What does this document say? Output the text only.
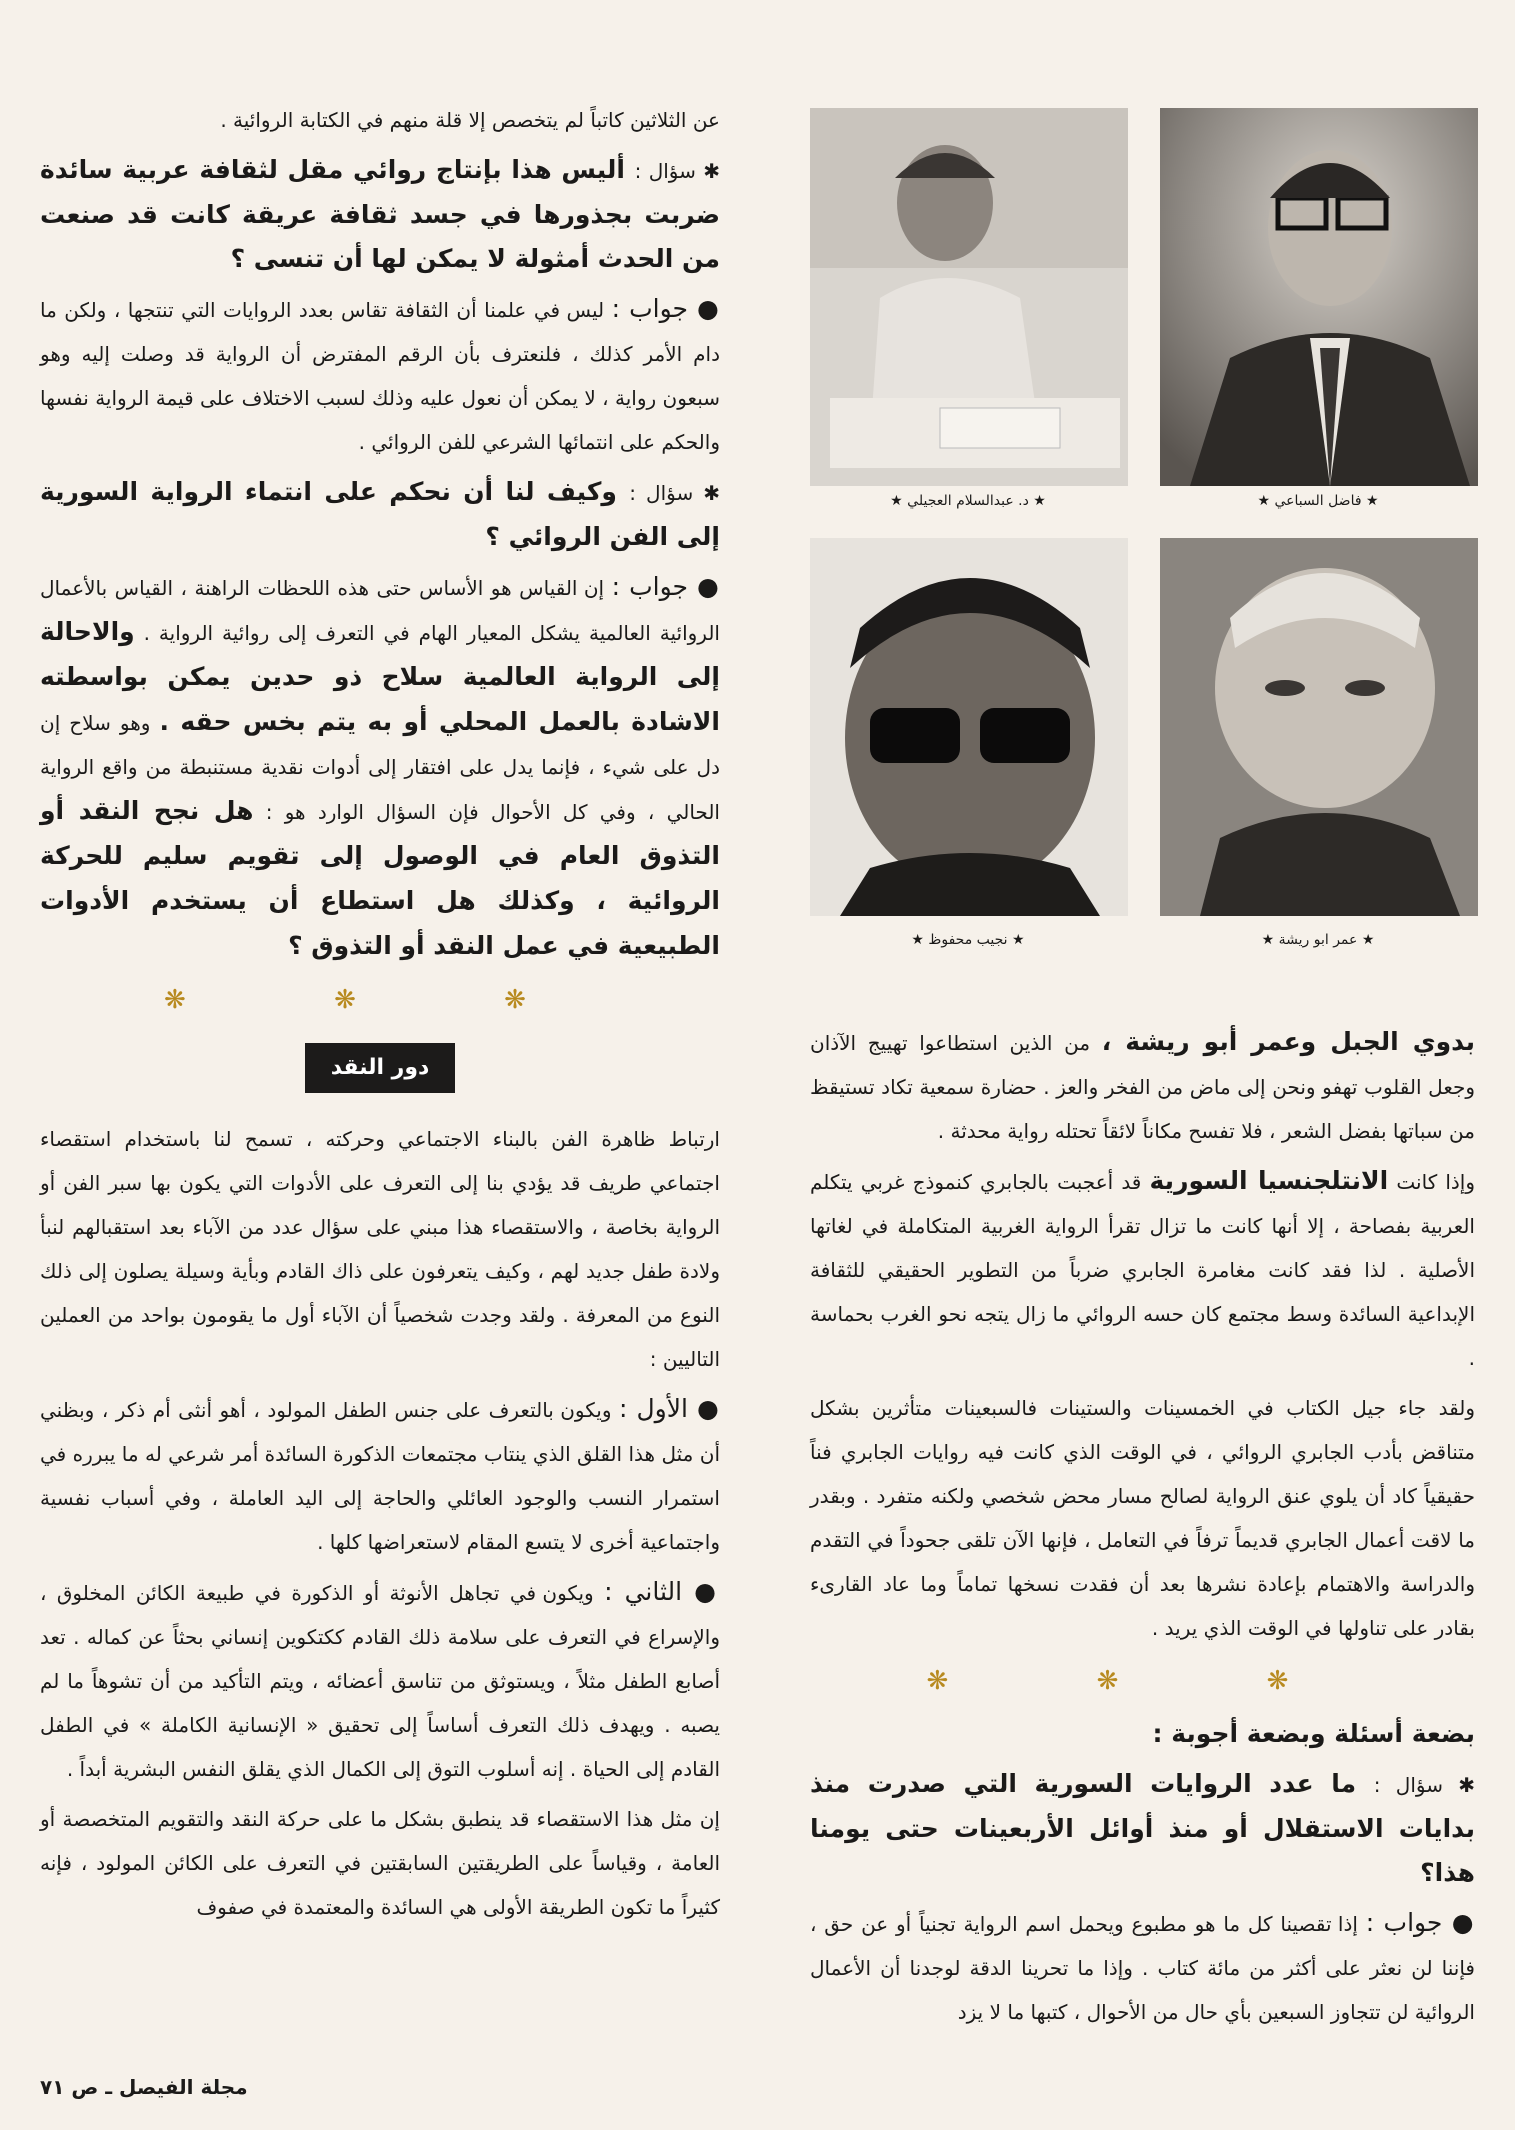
★ فاضل السباعي ★
★ د. عبدالسلام العجيلي ★
★ عمر ابو ريشة ★
★ نجيب محفوظ ★

عن الثلاثين كاتباً لم يتخصص إلا قلة منهم في الكتابة الروائية .

✱ سؤال : أليس هذا بإنتاج روائي مقل لثقافة عربية سائدة ضربت بجذورها في جسد ثقافة عريقة كانت قد صنعت من الحدث أمثولة لا يمكن لها أن تنسى ؟

● جواب : ليس في علمنا أن الثقافة تقاس بعدد الروايات التي تنتجها ، ولكن ما دام الأمر كذلك ، فلنعترف بأن الرقم المفترض أن الرواية قد وصلت إليه وهو سبعون رواية ، لا يمكن أن نعول عليه وذلك لسبب الاختلاف على قيمة الرواية نفسها والحكم على انتمائها الشرعي للفن الروائي .

✱ سؤال : وكيف لنا أن نحكم على انتماء الرواية السورية إلى الفن الروائي ؟

● جواب : إن القياس هو الأساس حتى هذه اللحظات الراهنة ، القياس بالأعمال الروائية العالمية يشكل المعيار الهام في التعرف إلى روائية الرواية . والاحالة إلى الرواية العالمية سلاح ذو حدين يمكن بواسطته الاشادة بالعمل المحلي أو به يتم بخس حقه . وهو سلاح إن دل على شيء ، فإنما يدل على افتقار إلى أدوات نقدية مستنبطة من واقع الرواية الحالي ، وفي كل الأحوال فإن السؤال الوارد هو : هل نجح النقد أو التذوق العام في الوصول إلى تقويم سليم للحركة الروائية ، وكذلك هل استطاع أن يستخدم الأدوات الطبيعية في عمل النقد أو التذوق ؟

❋ ❋ ❋
دور النقد

ارتباط ظاهرة الفن بالبناء الاجتماعي وحركته ، تسمح لنا باستخدام استقصاء اجتماعي طريف قد يؤدي بنا إلى التعرف على الأدوات التي يكون بها سبر الفن أو الرواية بخاصة ، والاستقصاء هذا مبني على سؤال عدد من الآباء بعد استقبالهم لنبأ ولادة طفل جديد لهم ، وكيف يتعرفون على ذاك القادم وبأية وسيلة يصلون إلى ذلك النوع من المعرفة . ولقد وجدت شخصياً أن الآباء أول ما يقومون بواحد من العملين التاليين :

● الأول : ويكون بالتعرف على جنس الطفل المولود ، أهو أنثى أم ذكر ، وبظني أن مثل هذا القلق الذي ينتاب مجتمعات الذكورة السائدة أمر شرعي له ما يبرره في استمرار النسب والوجود العائلي والحاجة إلى اليد العاملة ، وفي أسباب نفسية واجتماعية أخرى لا يتسع المقام لاستعراضها كلها .

● الثاني : ويكون في تجاهل الأنوثة أو الذكورة في طبيعة الكائن المخلوق ، والإسراع في التعرف على سلامة ذلك القادم ككتكوين إنساني بحثاً عن كماله . تعد أصابع الطفل مثلاً ، ويستوثق من تناسق أعضائه ، ويتم التأكيد من أن تشوهاً ما لم يصبه . ويهدف ذلك التعرف أساساً إلى تحقيق « الإنسانية الكاملة » في الطفل القادم إلى الحياة . إنه أسلوب التوق إلى الكمال الذي يقلق النفس البشرية أبداً .

إن مثل هذا الاستقصاء قد ينطبق بشكل ما على حركة النقد والتقويم المتخصصة أو العامة ، وقياساً على الطريقتين السابقتين في التعرف على الكائن المولود ، فإنه كثيراً ما تكون الطريقة الأولى هي السائدة والمعتمدة في صفوف

بدوي الجبل وعمر أبو ريشة ، من الذين استطاعوا تهييج الآذان وجعل القلوب تهفو ونحن إلى ماض من الفخر والعز . حضارة سمعية تكاد تستيقظ من سباتها بفضل الشعر ، فلا تفسح مكاناً لائقاً تحتله رواية محدثة .

وإذا كانت الانتلجنسيا السورية قد أعجبت بالجابري كنموذج غربي يتكلم العربية بفصاحة ، إلا أنها كانت ما تزال تقرأ الرواية الغربية المتكاملة في لغاتها الأصلية . لذا فقد كانت مغامرة الجابري ضرباً من التطوير الحقيقي للثقافة الإبداعية السائدة وسط مجتمع كان حسه الروائي ما زال يتجه نحو الغرب بحماسة .

ولقد جاء جيل الكتاب في الخمسينات والستينات فالسبعينات متأثرين بشكل متناقض بأدب الجابري الروائي ، في الوقت الذي كانت فيه روايات الجابري فناً حقيقياً كاد أن يلوي عنق الرواية لصالح مسار محض شخصي ولكنه متفرد . وبقدر ما لاقت أعمال الجابري قديماً ترفاً في التعامل ، فإنها الآن تلقى جحوداً في التقدم والدراسة والاهتمام بإعادة نشرها بعد أن فقدت نسخها تماماً وما عاد القارىء بقادر على تناولها في الوقت الذي يريد .

❋ ❋ ❋
بضعة أسئلة وبضعة أجوبة :
✱ سؤال : ما عدد الروايات السورية التي صدرت منذ بدايات الاستقلال أو منذ أوائل الأربعينات حتى يومنا هذا؟

● جواب : إذا تقصينا كل ما هو مطبوع ويحمل اسم الرواية تجنياً أو عن حق ، فإننا لن نعثر على أكثر من مائة كتاب . وإذا ما تحرينا الدقة لوجدنا أن الأعمال الروائية لن تتجاوز السبعين بأي حال من الأحوال ، كتبها ما لا يزد

مجلة الفيصل ـ ص ٧١
